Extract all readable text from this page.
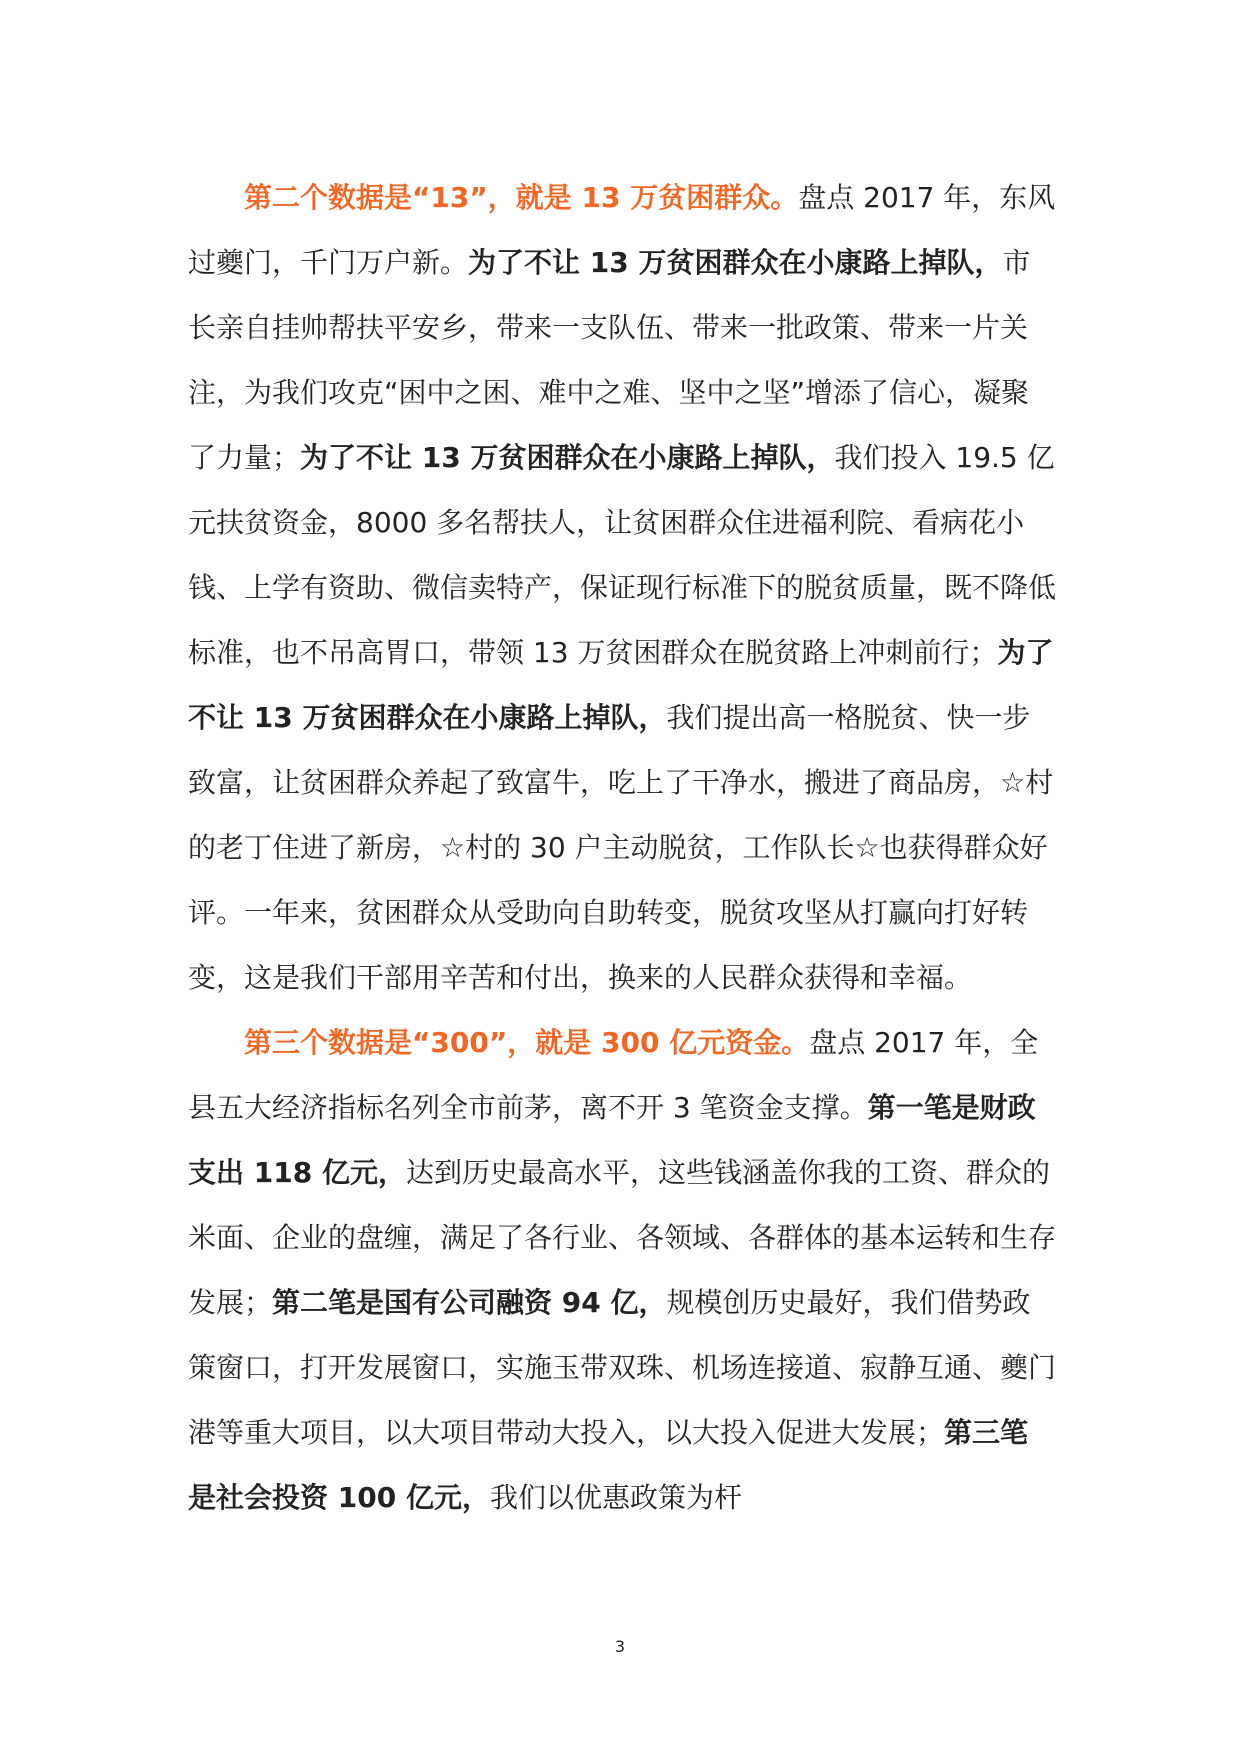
第二个数据是“13”，就是 13 万贫困群众。盘点 2017 年，东风过夔门，千门万户新。为了不让 13 万贫困群众在小康路上掉队，市长亲自挂帅帮扶平安乡，带来一支队伍、带来一批政策、带来一片关注，为我们攻克“困中之困、难中之难、坚中之坚”增添了信心，凝聚了力量；为了不让 13 万贫困群众在小康路上掉队，我们投入 19.5 亿元扶贫资金，8000 多名帮扶人，让贫困群众住进福利院、看病花小钱、上学有资助、微信卖特产，保证现行标准下的脱贫质量，既不降低标准，也不吊高胃口，带领 13 万贫困群众在脱贫路上冲刺前行；为了不让 13 万贫困群众在小康路上掉队，我们提出高一格脱贫、快一步致富，让贫困群众养起了致富牛，吃上了干净水，搬进了商品房，☆村的老丁住进了新房，☆村的 30 户主动脱贫，工作队长☆也获得群众好评。一年来，贫困群众从受助向自助转变，脱贫攻坚从打赢向打好转变，这是我们干部用辛苦和付出，换来的人民群众获得和幸福。

第三个数据是“300”，就是 300 亿元资金。盘点 2017 年，全县五大经济指标名列全市前茅，离不开 3 笔资金支撑。第一笔是财政支出 118 亿元，达到历史最高水平，这些钱涵盖你我的工资、群众的米面、企业的盘缠，满足了各行业、各领域、各群体的基本运转和生存发展；第二笔是国有公司融资 94 亿，规模创历史最好，我们借势政策窗口，打开发展窗口，实施玉带双珠、机场连接道、寂静互通、夔门港等重大项目，以大项目带动大投入，以大投入促进大发展；第三笔是社会投资 100 亿元，我们以优惠政策为杆

3
